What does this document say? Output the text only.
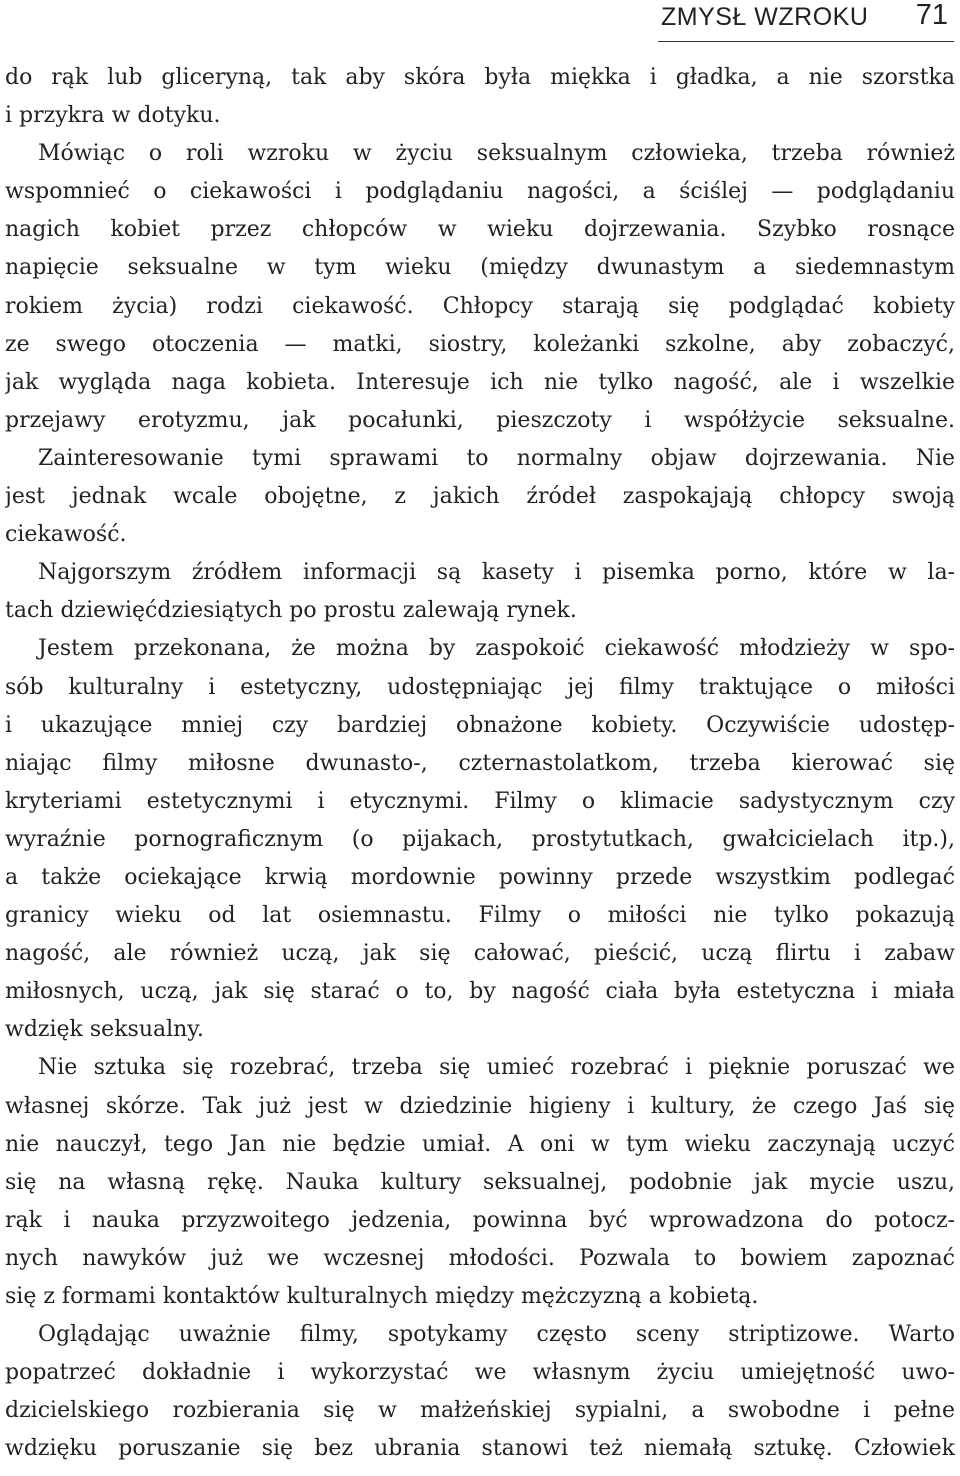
ZMYSŁ WZROKU 71
do rąk lub gliceryną, tak aby skóra była miękka i gładka, a nie szorstka
i przykra w dotyku.
Mówiąc o roli wzroku w życiu seksualnym człowieka, trzeba również
wspomnieć o ciekawości i podglądaniu nagości, a ściślej — podglądaniu
nagich kobiet przez chłopców w wieku dojrzewania. Szybko rosnące
napięcie seksualne w tym wieku (między dwunastym a siedemnastym
rokiem życia) rodzi ciekawość. Chłopcy starają się podglądać kobiety
ze swego otoczenia — matki, siostry, koleżanki szkolne, aby zobaczyć,
jak wygląda naga kobieta. Interesuje ich nie tylko nagość, ale i wszelkie
przejawy erotyzmu, jak pocałunki, pieszczoty i współżycie seksualne.
Zainteresowanie tymi sprawami to normalny objaw dojrzewania. Nie
jest jednak wcale obojętne, z jakich źródeł zaspokajają chłopcy swoją
ciekawość.
Najgorszym źródłem informacji są kasety i pisemka porno, które w la-
tach dziewięćdziesiątych po prostu zalewają rynek.
Jestem przekonana, że można by zaspokoić ciekawość młodzieży w spo-
sób kulturalny i estetyczny, udostępniając jej filmy traktujące o miłości
i ukazujące mniej czy bardziej obnażone kobiety. Oczywiście udostęp-
niając filmy miłosne dwunasto-, czternastolatkom, trzeba kierować się
kryteriami estetycznymi i etycznymi. Filmy o klimacie sadystycznym czy
wyraźnie pornograficznym (o pijakach, prostytutkach, gwałcicielach itp.),
a także ociekające krwią mordownie powinny przede wszystkim podlegać
granicy wieku od lat osiemnastu. Filmy o miłości nie tylko pokazują
nagość, ale również uczą, jak się całować, pieścić, uczą flirtu i zabaw
miłosnych, uczą, jak się starać o to, by nagość ciała była estetyczna i miała
wdzięk seksualny.
Nie sztuka się rozebrać, trzeba się umieć rozebrać i pięknie poruszać we
własnej skórze. Tak już jest w dziedzinie higieny i kultury, że czego Jaś się
nie nauczył, tego Jan nie będzie umiał. A oni w tym wieku zaczynają uczyć
się na własną rękę. Nauka kultury seksualnej, podobnie jak mycie uszu,
rąk i nauka przyzwoitego jedzenia, powinna być wprowadzona do potocz-
nych nawyków już we wczesnej młodości. Pozwala to bowiem zapoznać
się z formami kontaktów kulturalnych między mężczyzną a kobietą.
Oglądając uważnie filmy, spotykamy często sceny striptizowe. Warto
popatrzeć dokładnie i wykorzystać we własnym życiu umiejętność uwo-
dzicielskiego rozbierania się w małżeńskiej sypialni, a swobodne i pełne
wdzięku poruszanie się bez ubrania stanowi też niemałą sztukę. Człowiek
